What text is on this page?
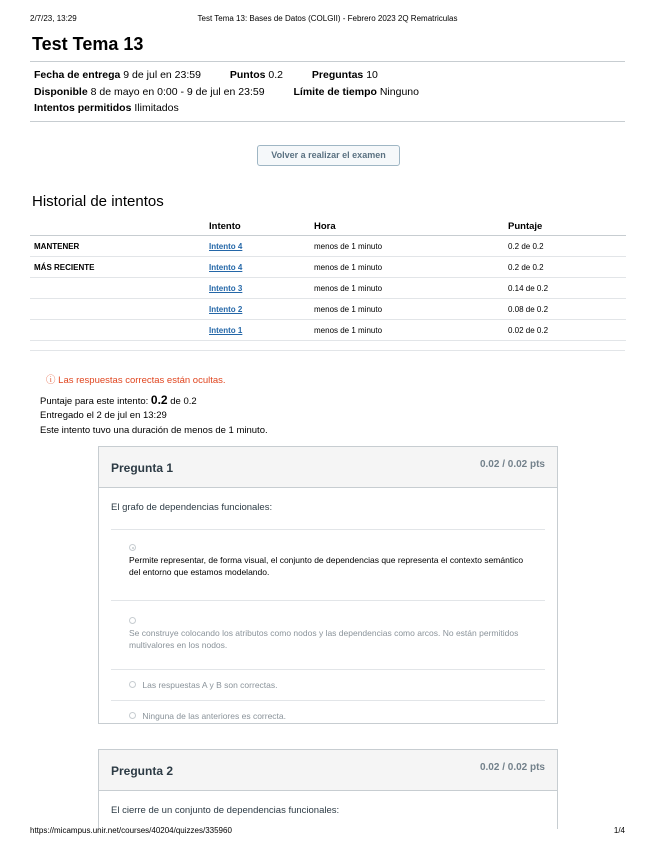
2/7/23, 13:29	Test Tema 13: Bases de Datos (COLGII) - Febrero 2023 2Q Rematriculas
Test Tema 13
Fecha de entrega 9 de jul en 23:59	Puntos 0.2	Preguntas 10
Disponible 8 de mayo en 0:00 - 9 de jul en 23:59	Límite de tiempo Ninguno
Intentos permitidos Ilimitados
Volver a realizar el examen
Historial de intentos
	Intento	Hora	Puntaje
MANTENER	Intento 4	menos de 1 minuto	0.2 de 0.2
MÁS RECIENTE	Intento 4	menos de 1 minuto	0.2 de 0.2
	Intento 3	menos de 1 minuto	0.14 de 0.2
	Intento 2	menos de 1 minuto	0.08 de 0.2
	Intento 1	menos de 1 minuto	0.02 de 0.2
ⓘ Las respuestas correctas están ocultas.
Puntaje para este intento: 0.2 de 0.2
Entregado el 2 de jul en 13:29
Este intento tuvo una duración de menos de 1 minuto.
Pregunta 1	0.02 / 0.02 pts
El grafo de dependencias funcionales:
Permite representar, de forma visual, el conjunto de dependencias que representa el contexto semántico del entorno que estamos modelando.
Se construye colocando los atributos como nodos y las dependencias como arcos. No están permitidos multivalores en los nodos.
Las respuestas A y B son correctas.
Ninguna de las anteriores es correcta.
Pregunta 2	0.02 / 0.02 pts
El cierre de un conjunto de dependencias funcionales:
https://micampus.unir.net/courses/40204/quizzes/335960	1/4
